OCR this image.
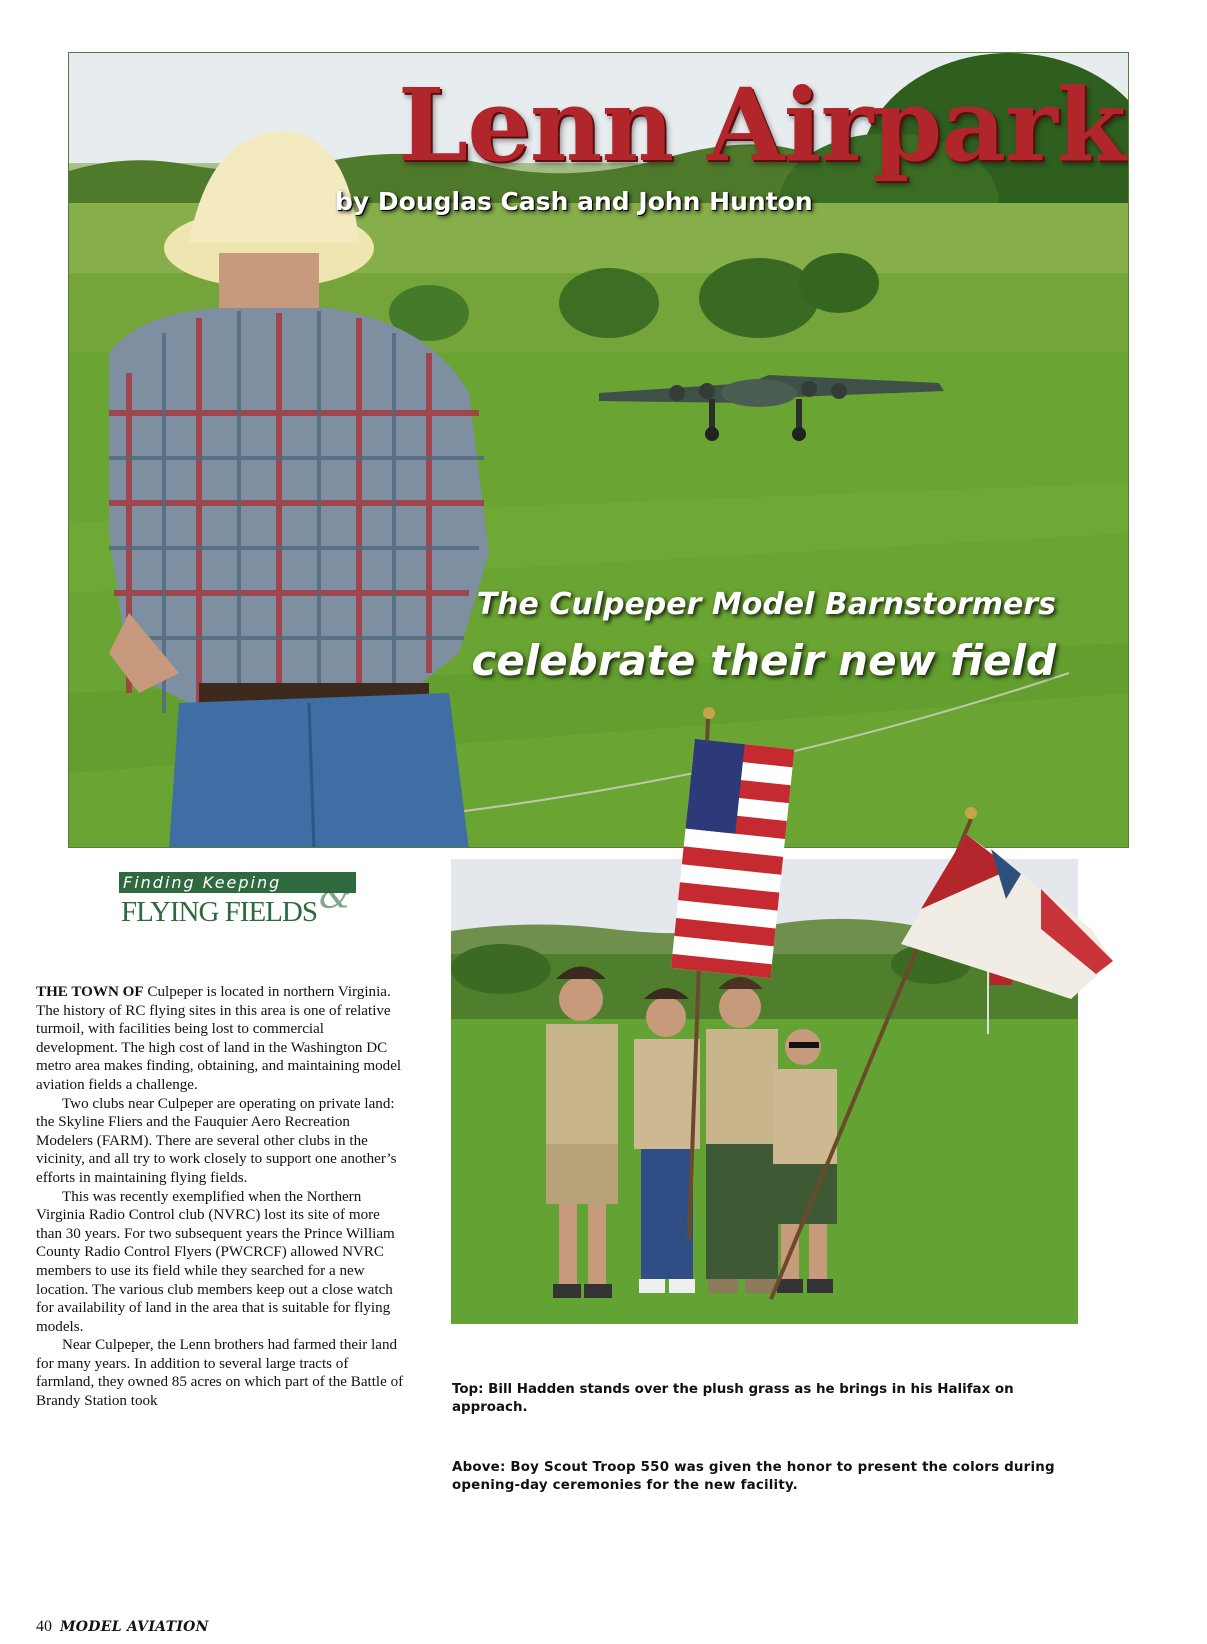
Lenn Airpark
by Douglas Cash and John Hunton
The Culpeper Model Barnstormers
celebrate their new field
Finding Keeping
FLYING FIELDS &

THE TOWN OF Culpeper is located in northern Virginia. The history of RC flying sites in this area is one of relative turmoil, with facilities being lost to commercial development. The high cost of land in the Washington DC metro area makes finding, obtaining, and maintaining model aviation fields a challenge.

Two clubs near Culpeper are operating on private land: the Skyline Fliers and the Fauquier Aero Recreation Modelers (FARM). There are several other clubs in the vicinity, and all try to work closely to support one another’s efforts in maintaining flying fields.

This was recently exemplified when the Northern Virginia Radio Control club (NVRC) lost its site of more than 30 years. For two subsequent years the Prince William County Radio Control Flyers (PWCRCF) allowed NVRC members to use its field while they searched for a new location. The various club members keep out a close watch for availability of land in the area that is suitable for flying models.

Near Culpeper, the Lenn brothers had farmed their land for many years. In addition to several large tracts of farmland, they owned 85 acres on which part of the Battle of Brandy Station took

Top: Bill Hadden stands over the plush grass as he brings in his Halifax on approach.
Above: Boy Scout Troop 550 was given the honor to present the colors during opening-day ceremonies for the new facility.
40 MODEL AVIATION
